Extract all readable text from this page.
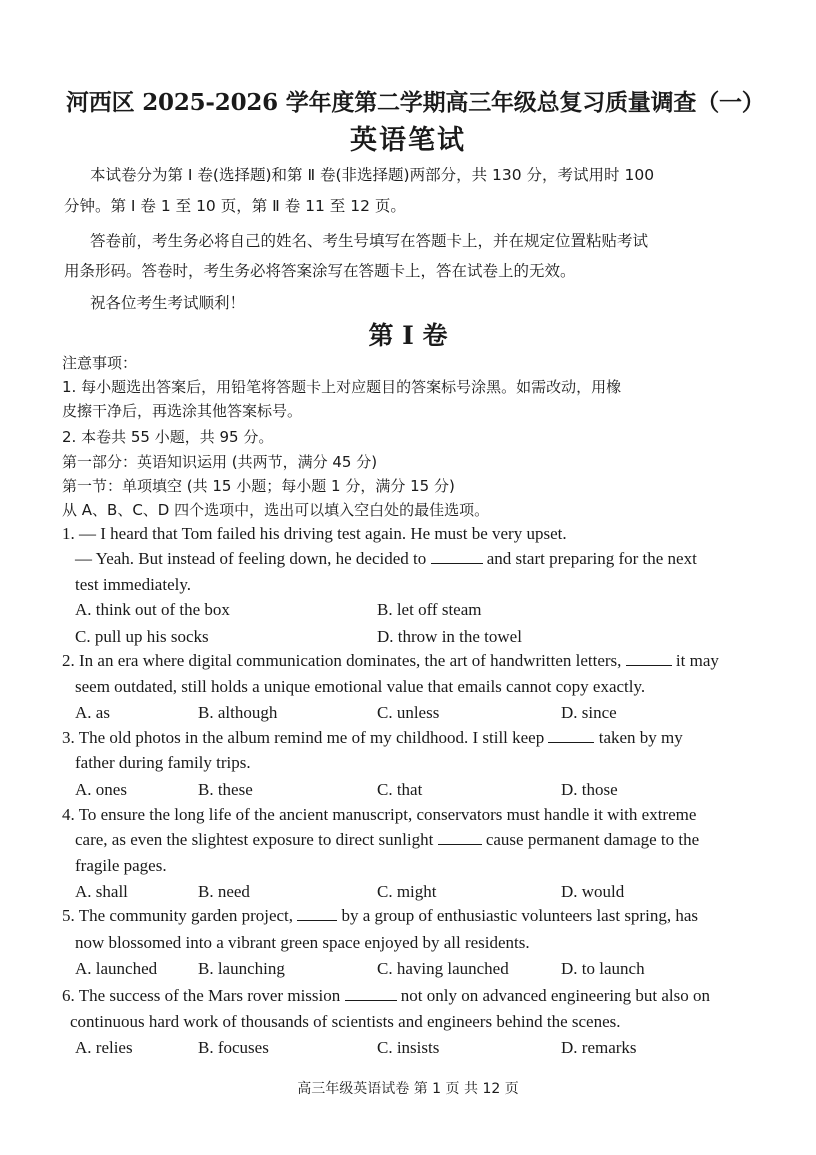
河西区 2025-2026 学年度第二学期高三年级总复习质量调查（一）
英语笔试
本试卷分为第 Ⅰ 卷(选择题)和第 Ⅱ 卷(非选择题)两部分，共 130 分，考试用时 100
分钟。第 Ⅰ 卷 1 至 10 页，第 Ⅱ 卷 11 至 12 页。
答卷前，考生务必将自己的姓名、考生号填写在答题卡上，并在规定位置粘贴考试
用条形码。答卷时，考生务必将答案涂写在答题卡上，答在试卷上的无效。
祝各位考生考试顺利！
第 I 卷
注意事项：
1. 每小题选出答案后，用铅笔将答题卡上对应题目的答案标号涂黑。如需改动，用橡
皮擦干净后，再选涂其他答案标号。
2. 本卷共 55 小题，共 95 分。
第一部分：英语知识运用 (共两节，满分 45 分)
第一节：单项填空 (共 15 小题；每小题 1 分，满分 15 分)
从 A、B、C、D 四个选项中，选出可以填入空白处的最佳选项。
1. — I heard that Tom failed his driving test again. He must be very upset.
— Yeah. But instead of feeling down, he decided to	and start preparing for the next
test immediately.
A. think out of the box	B. let off steam
C. pull up his socks	D. throw in the towel
2. In an era where digital communication dominates, the art of handwritten letters,	it may
seem outdated, still holds a unique emotional value that emails cannot copy exactly.
A. as	B. although	C. unless	D. since
3. The old photos in the album remind me of my childhood. I still keep	taken by my
father during family trips.
A. ones	B. these	C. that	D. those
4. To ensure the long life of the ancient manuscript, conservators must handle it with extreme
care, as even the slightest exposure to direct sunlight	cause permanent damage to the
fragile pages.
A. shall	B. need	C. might	D. would
5. The community garden project,	by a group of enthusiastic volunteers last spring, has
now blossomed into a vibrant green space enjoyed by all residents.
A. launched B. launching	C. having launched	D. to launch
6. The success of the Mars rover mission	not only on advanced engineering but also on
continuous hard work of thousands of scientists and engineers behind the scenes.
A. relies	B. focuses	C. insists	D. remarks
高三年级英语试卷 第 1 页 共 12 页
